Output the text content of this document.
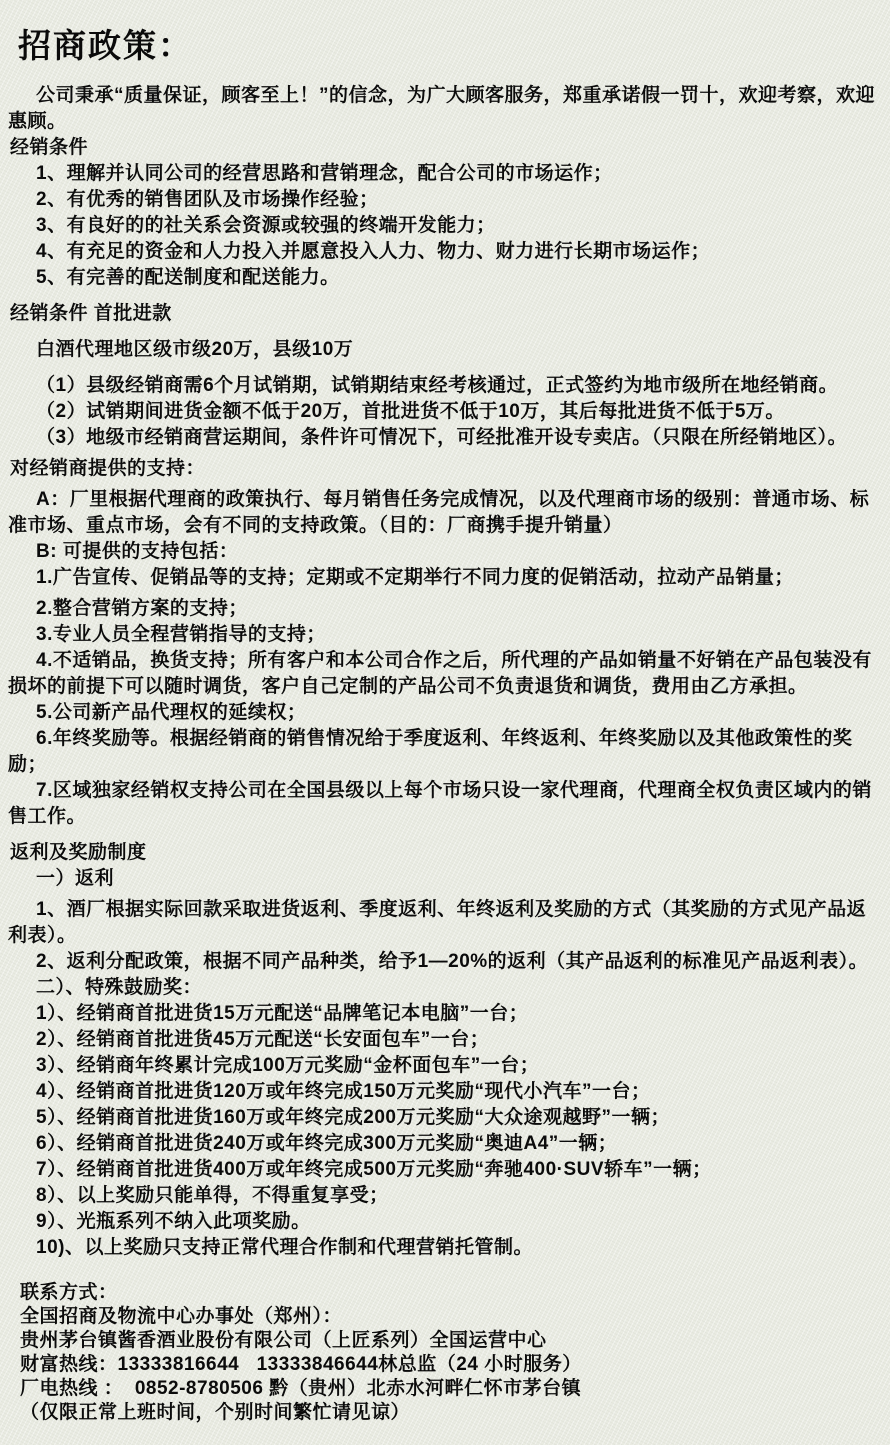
招商政策：

公司秉承“质量保证，顾客至上！”的信念，为广大顾客服务，郑重承诺假一罚十，欢迎考察，欢迎惠顾。

经销条件

1、理解并认同公司的经营思路和营销理念，配合公司的市场运作；

2、有优秀的销售团队及市场操作经验；

3、有良好的的社关系会资源或较强的终端开发能力；

4、有充足的资金和人力投入并愿意投入人力、物力、财力进行长期市场运作；

5、有完善的配送制度和配送能力。

经销条件 首批进款

白酒代理地区级市级20万，县级10万

（1）县级经销商需6个月试销期，试销期结束经考核通过，正式签约为地市级所在地经销商。

（2）试销期间进货金额不低于20万，首批进货不低于10万，其后每批进货不低于5万。

（3）地级市经销商营运期间，条件许可情况下，可经批准开设专卖店。（只限在所经销地区）。

对经销商提供的支持：

A：厂里根据代理商的政策执行、每月销售任务完成情况，以及代理商市场的级别：普通市场、标准市场、重点市场，会有不同的支持政策。（目的：厂商携手提升销量）

B: 可提供的支持包括：

1.广告宣传、促销品等的支持；定期或不定期举行不同力度的促销活动，拉动产品销量；

2.整合营销方案的支持；

3.专业人员全程营销指导的支持；

4.不适销品，换货支持；所有客户和本公司合作之后，所代理的产品如销量不好销在产品包装没有损坏的前提下可以随时调货，客户自己定制的产品公司不负责退货和调货，费用由乙方承担。

5.公司新产品代理权的延续权；

6.年终奖励等。根据经销商的销售情况给于季度返利、年终返利、年终奖励以及其他政策性的奖励；

7.区域独家经销权支持公司在全国县级以上每个市场只设一家代理商，代理商全权负责区域内的销售工作。

返利及奖励制度

一）返利

1、酒厂根据实际回款采取进货返利、季度返利、年终返利及奖励的方式（其奖励的方式见产品返利表）。

2、返利分配政策，根据不同产品种类，给予1—20%的返利（其产品返利的标准见产品返利表）。

二）、特殊鼓励奖：

1）、经销商首批进货15万元配送“品牌笔记本电脑”一台；

2）、经销商首批进货45万元配送“长安面包车”一台；

3）、经销商年终累计完成100万元奖励“金杯面包车”一台；

4）、经销商首批进货120万或年终完成150万元奖励“现代小汽车”一台；

5）、经销商首批进货160万或年终完成200万元奖励“大众途观越野”一辆；

6）、经销商首批进货240万或年终完成300万元奖励“奥迪A4”一辆；

7）、经销商首批进货400万或年终完成500万元奖励“奔驰400·SUV轿车”一辆；

8）、以上奖励只能单得，不得重复享受；

9）、光瓶系列不纳入此项奖励。

10)、以上奖励只支持正常代理合作制和代理营销托管制。

联系方式：

全国招商及物流中心办事处（郑州）：

贵州茅台镇酱香酒业股份有限公司（上匠系列）全国运营中心

财富热线：13333816644   13333846644林总监（24 小时服务）

厂电热线 ：  0852-8780506 黔（贵州）北赤水河畔仁怀市茅台镇

（仅限正常上班时间，个别时间繁忙请见谅）
